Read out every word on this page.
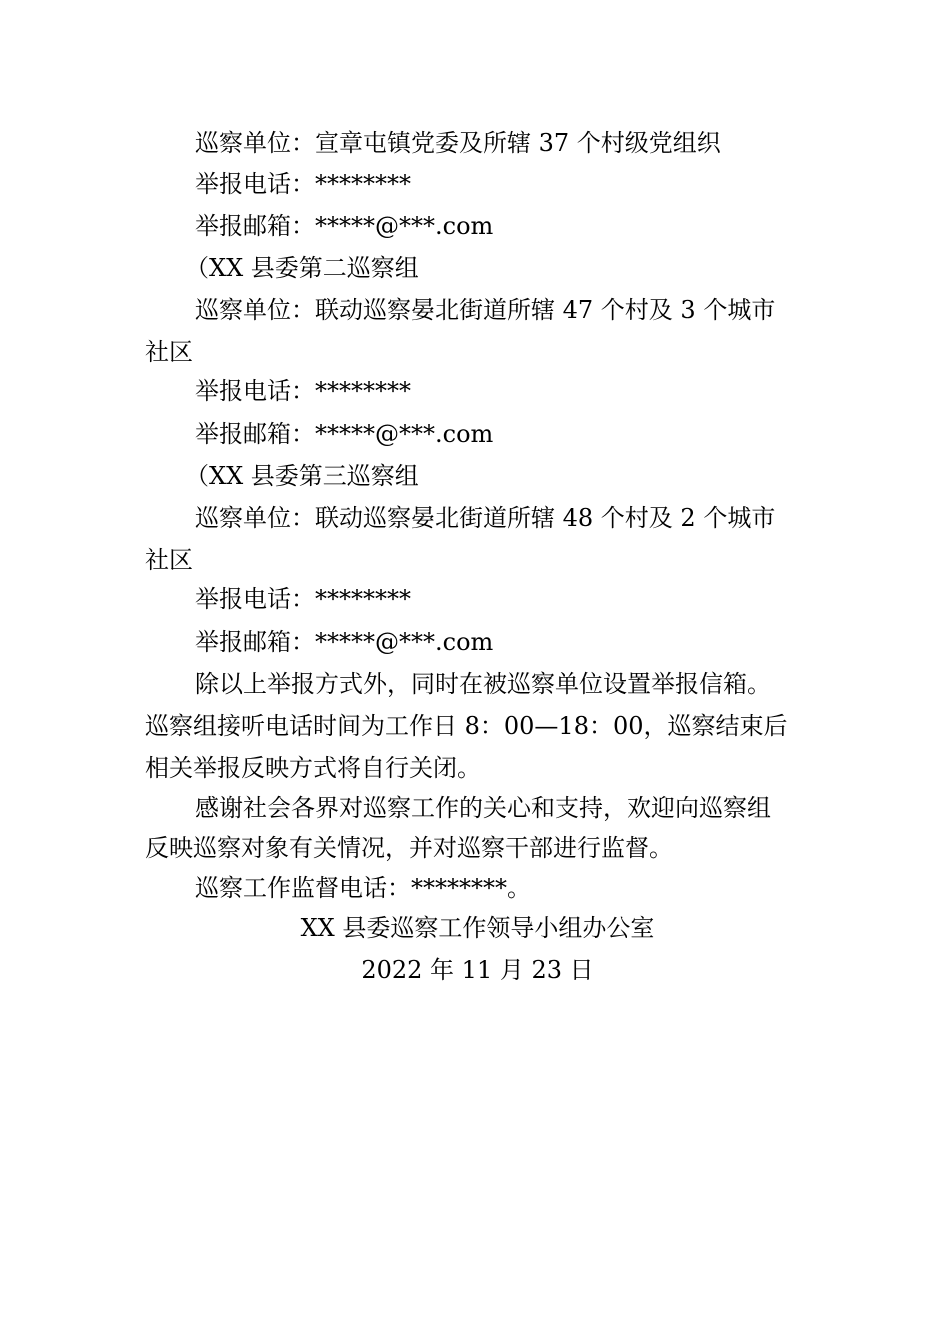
巡察单位：宣章屯镇党委及所辖 37 个村级党组织
举报电话：********
举报邮箱：*****@***.com
（XX 县委第二巡察组
巡察单位：联动巡察晏北街道所辖 47 个村及 3 个城市
社区
举报电话：********
举报邮箱：*****@***.com
（XX 县委第三巡察组
巡察单位：联动巡察晏北街道所辖 48 个村及 2 个城市
社区
举报电话：********
举报邮箱：*****@***.com
除以上举报方式外，同时在被巡察单位设置举报信箱。
巡察组接听电话时间为工作日 8：00—18：00，巡察结束后
相关举报反映方式将自行关闭。
感谢社会各界对巡察工作的关心和支持，欢迎向巡察组
反映巡察对象有关情况，并对巡察干部进行监督。
巡察工作监督电话：********。
XX 县委巡察工作领导小组办公室
2022 年 11 月 23 日
